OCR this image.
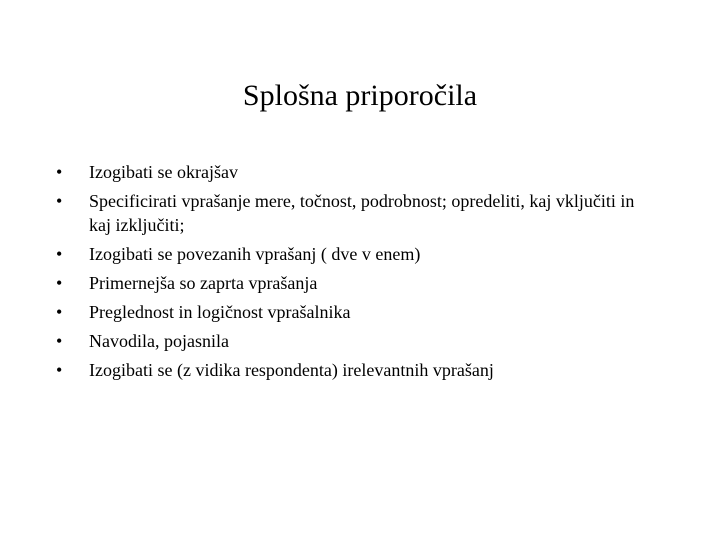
Splošna priporočila
•	Izogibati se okrajšav
•	Specificirati vprašanje mere, točnost, podrobnost; opredeliti, kaj vključiti in kaj izključiti;
•	Izogibati se povezanih vprašanj ( dve v enem)
•	Primernejša so zaprta vprašanja
•	Preglednost in logičnost vprašalnika
•	Navodila, pojasnila
•	Izogibati se (z vidika respondenta) irelevantnih vprašanj
